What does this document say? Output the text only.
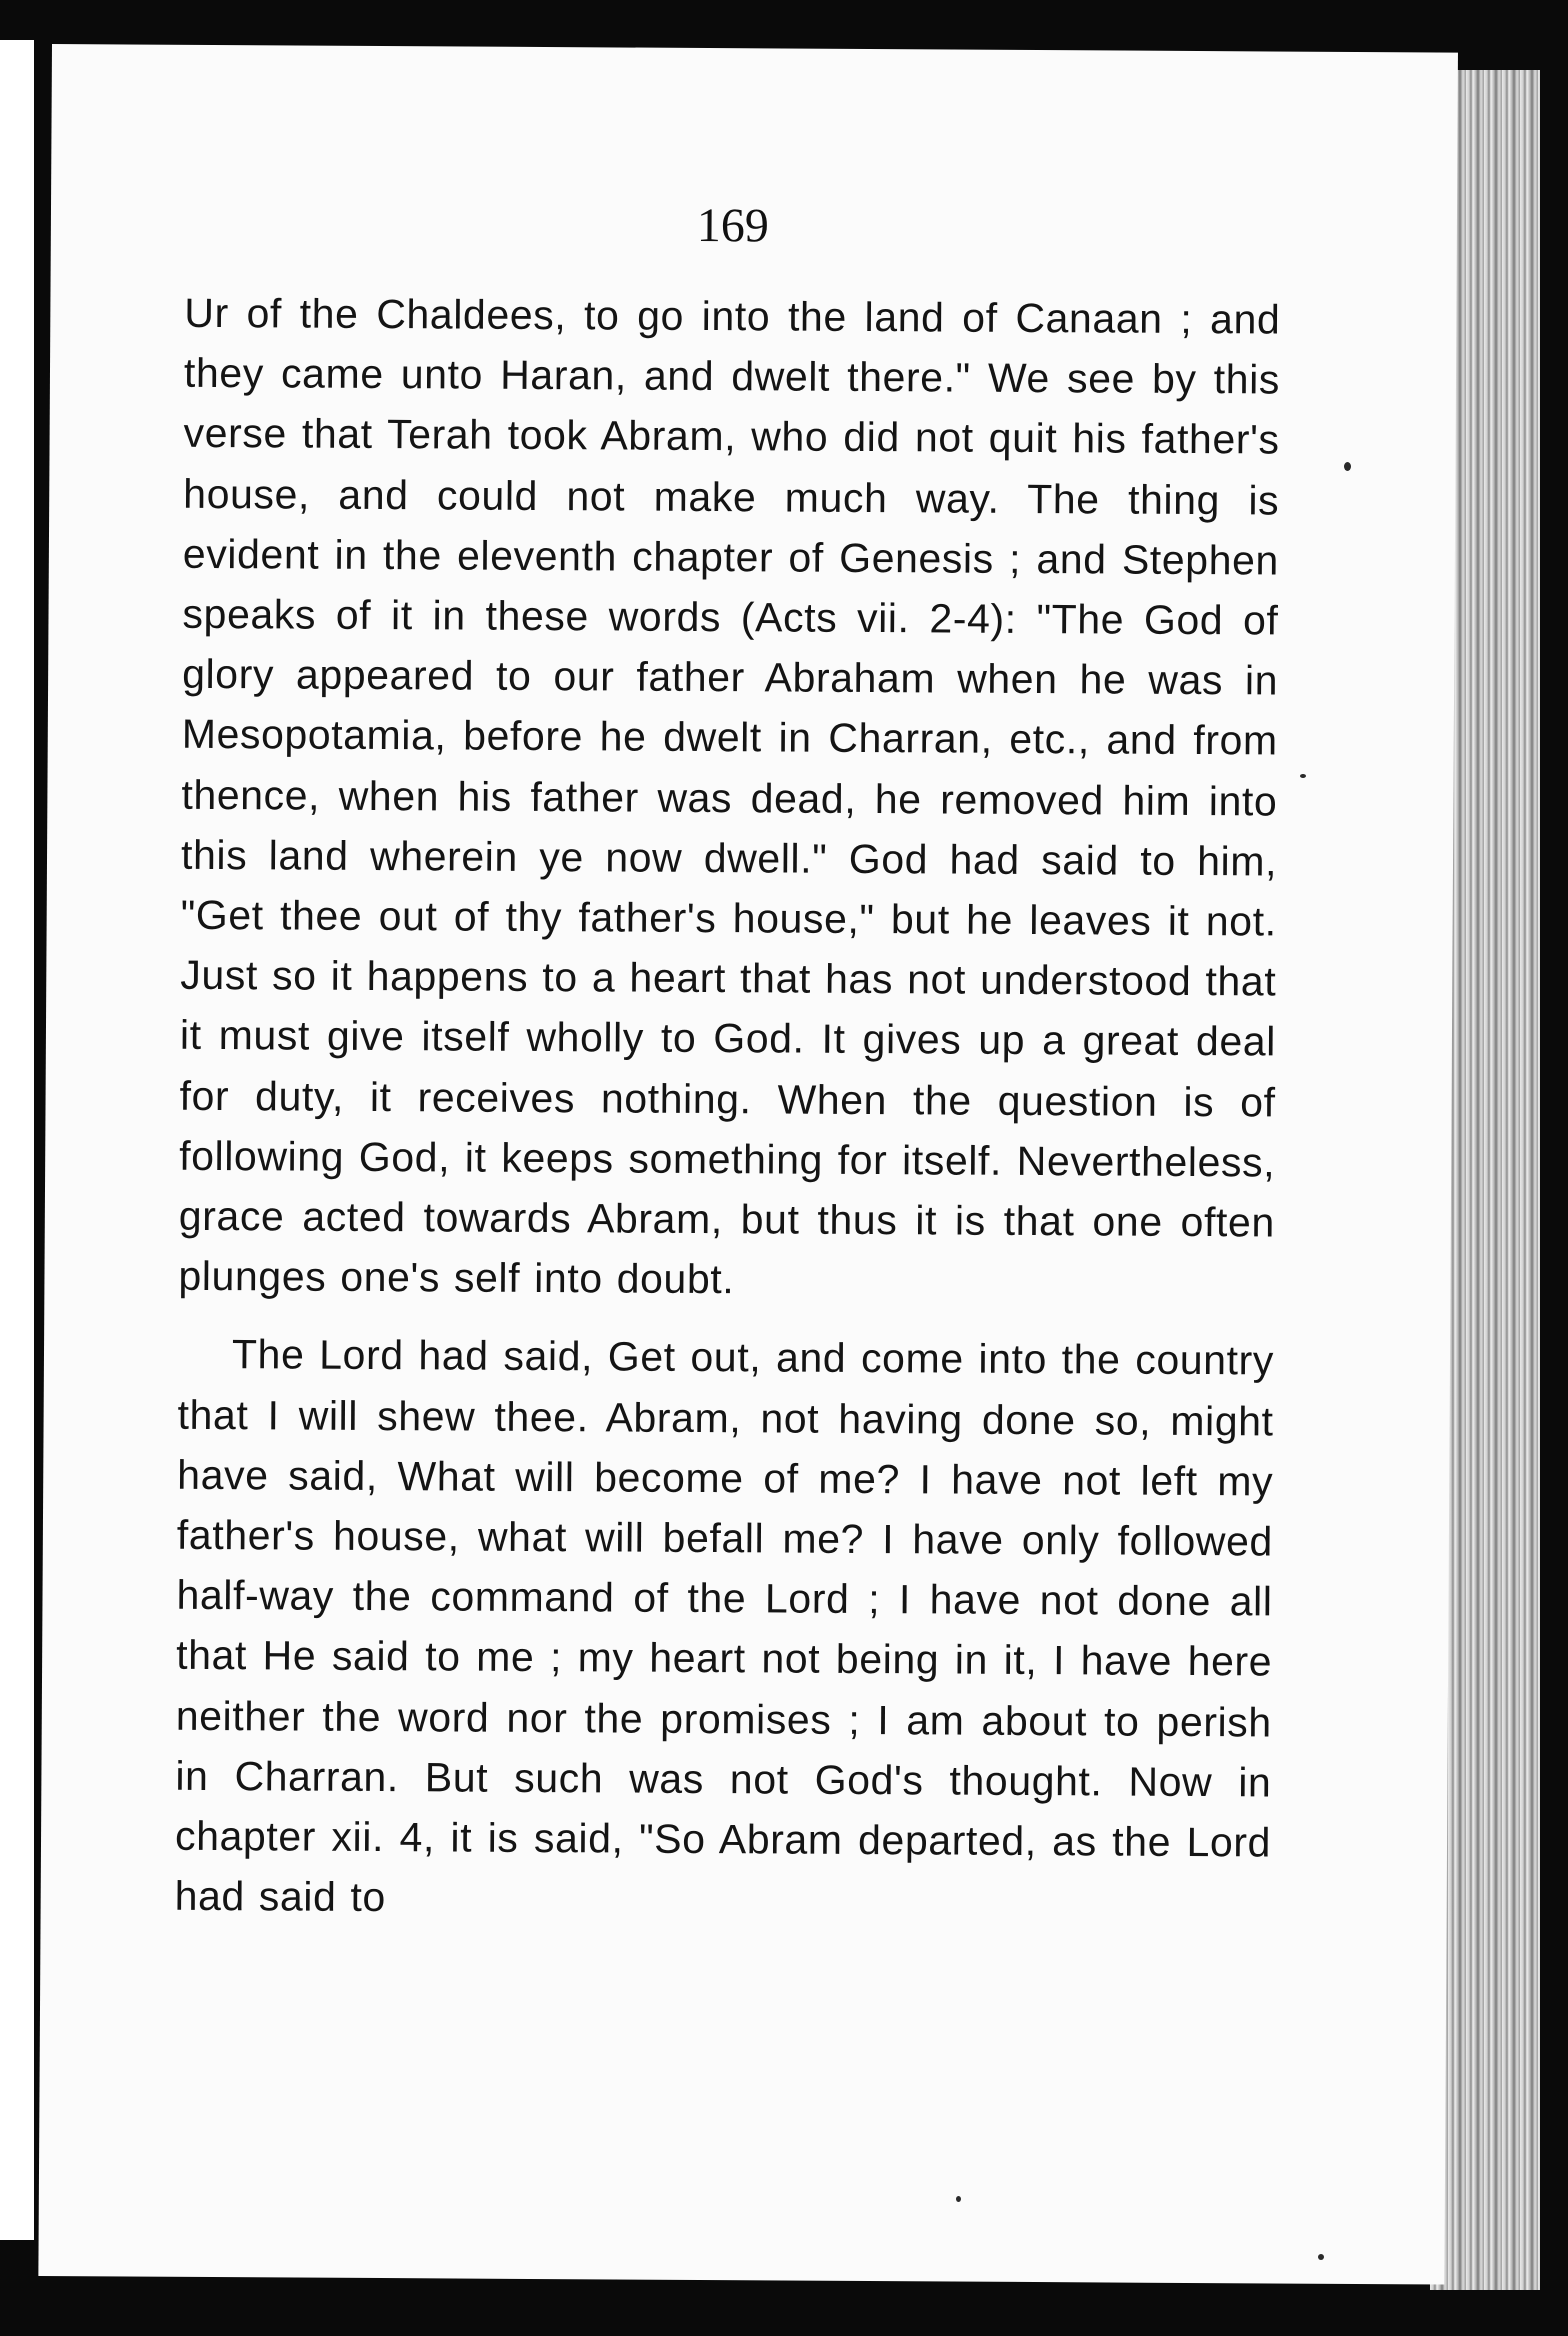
169

Ur of the Chaldees, to go into the land of Canaan ; and they came unto Haran, and dwelt there." We see by this verse that Terah took Abram, who did not quit his father's house, and could not make much way. The thing is evident in the eleventh chapter of Genesis ; and Stephen speaks of it in these words (Acts vii. 2-4): "The God of glory appeared to our father Abraham when he was in Mesopotamia, before he dwelt in Charran, etc., and from thence, when his father was dead, he removed him into this land wherein ye now dwell." God had said to him, "Get thee out of thy father's house," but he leaves it not. Just so it happens to a heart that has not understood that it must give itself wholly to God. It gives up a great deal for duty, it receives nothing. When the question is of following God, it keeps something for itself. Nevertheless, grace acted towards Abram, but thus it is that one often plunges one's self into doubt.

The Lord had said, Get out, and come into the country that I will shew thee. Abram, not having done so, might have said, What will become of me? I have not left my father's house, what will befall me? I have only followed half-way the command of the Lord ; I have not done all that He said to me ; my heart not being in it, I have here neither the word nor the promises ; I am about to perish in Charran. But such was not God's thought. Now in chapter xii. 4, it is said, "So Abram departed, as the Lord had said to
